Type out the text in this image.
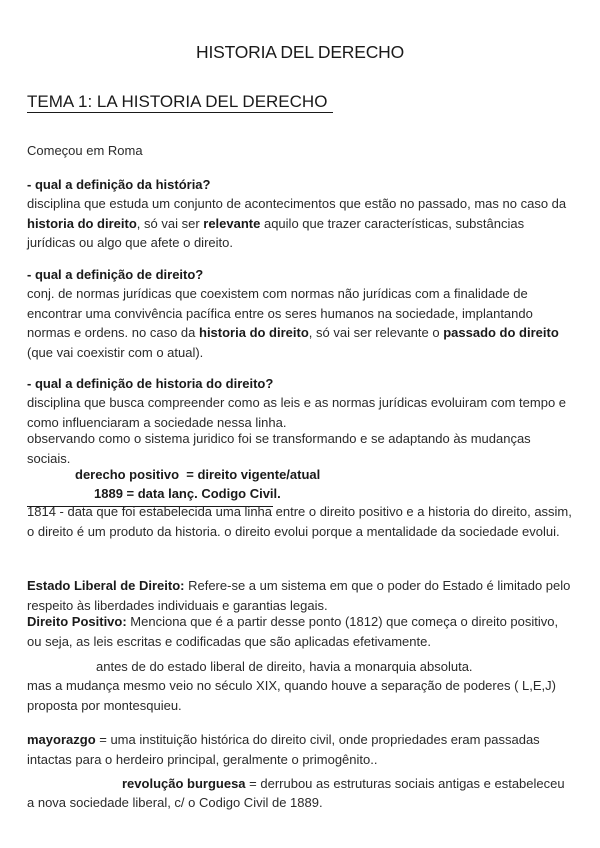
HISTORIA DEL DERECHO
TEMA 1: LA HISTORIA DEL DERECHO
Começou em Roma
- qual a definição da história?
disciplina que estuda um conjunto de acontecimentos que estão no passado, mas no caso da historia do direito, só vai ser relevante aquilo que trazer características, substâncias jurídicas ou algo que afete o direito.
- qual a definição de direito?
conj. de normas jurídicas que coexistem com normas não jurídicas com a finalidade de encontrar uma convivência pacífica entre os seres humanos na sociedade, implantando normas e ordens. no caso da historia do direito, só vai ser relevante o passado do direito (que vai coexistir com o atual).
- qual a definição de historia do direito?
disciplina que busca compreender como as leis e as normas jurídicas evoluiram com tempo e como influenciaram a sociedade nessa linha.
observando como o sistema juridico foi se transformando e se adaptando às mudanças sociais.
derecho positivo  = direito vigente/atual
1889 = data lanç. Codigo Civil.
1814 - data que foi estabelecida uma linha entre o direito positivo e a historia do direito, assim, o direito é um produto da historia. o direito evolui porque a mentalidade da sociedade evolui.
Estado Liberal de Direito: Refere-se a um sistema em que o poder do Estado é limitado pelo respeito às liberdades individuais e garantias legais.
Direito Positivo: Menciona que é a partir desse ponto (1812) que começa o direito positivo, ou seja, as leis escritas e codificadas que são aplicadas efetivamente.
antes de do estado liberal de direito, havia a monarquia absoluta.
mas a mudança mesmo veio no século XIX, quando houve a separação de poderes ( L,E,J) proposta por montesquieu.
mayorazgo = uma instituição histórica do direito civil, onde propriedades eram passadas intactas para o herdeiro principal, geralmente o primogênito..
revolução burguesa = derrubou as estruturas sociais antigas e estabeleceu
a nova sociedade liberal, c/ o Codigo Civil de 1889.
